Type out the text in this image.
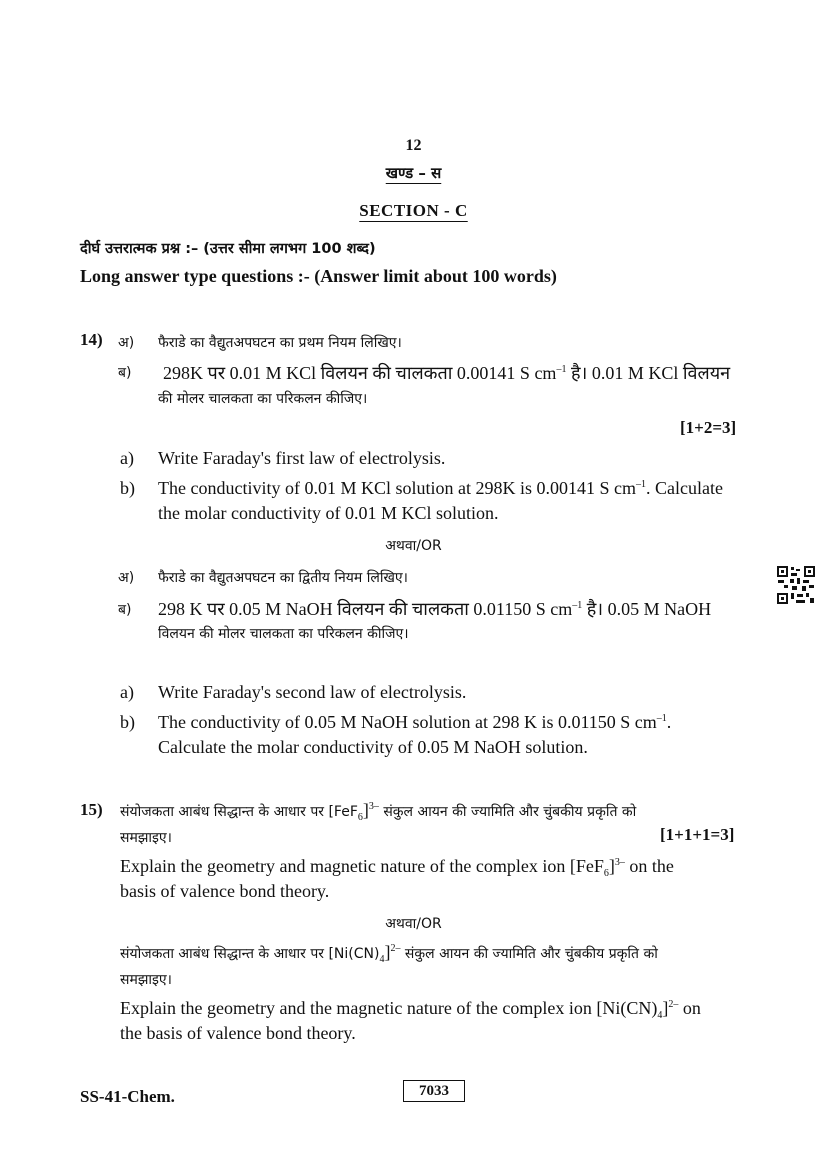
12
खण्ड – स
SECTION - C
दीर्घ उत्तरात्मक प्रश्न :– (उत्तर सीमा लगभग 100 शब्द)
Long answer type questions :- (Answer limit about 100 words)
14) अ) फैराडे का वैद्युतअपघटन का प्रथम नियम लिखिए।
ब) 298K पर 0.01 M KCl विलयन की चालकता 0.00141 S $cm^{-1}$ है। 0.01 M KCl विलयन
की मोलर चालकता का परिकलन कीजिए।
[1+2=3]
a) Write Faraday's first law of electrolysis.
b) The conductivity of 0.01 M KCl solution at 298K is 0.00141 S $cm^{-1}$. Calculate
the molar conductivity of 0.01 M KCl solution.
अथवा/OR
अ) फैराडे का वैद्युतअपघटन का द्वितीय नियम लिखिए।
ब) 298 K पर 0.05 M NaOH विलयन की चालकता 0.01150 S $cm^{-1}$ है। 0.05 M NaOH
विलयन की मोलर चालकता का परिकलन कीजिए।
a) Write Faraday's second law of electrolysis.
b) The conductivity of 0.05 M NaOH solution at 298 K is 0.01150 S $cm^{-1}$.
Calculate the molar conductivity of 0.05 M NaOH solution.
15) संयोजकता आबंध सिद्धान्त के आधार पर $[FeF_6]^{3-}$ संकुल आयन की ज्यामिति और चुंबकीय प्रकृति को
समझाइए।	[1+1+1=3]
Explain the geometry and magnetic nature of the complex ion $[FeF_6]^{3-}$ on the
basis of valence bond theory.
अथवा/OR
संयोजकता आबंध सिद्धान्त के आधार पर $[Ni(CN)_4]^{2-}$ संकुल आयन की ज्यामिति और चुंबकीय प्रकृति को
समझाइए।
Explain the geometry and the magnetic nature of the complex ion $[Ni(CN)_4]^{2-}$ on
the basis of valence bond theory.
SS-41-Chem.	7033
